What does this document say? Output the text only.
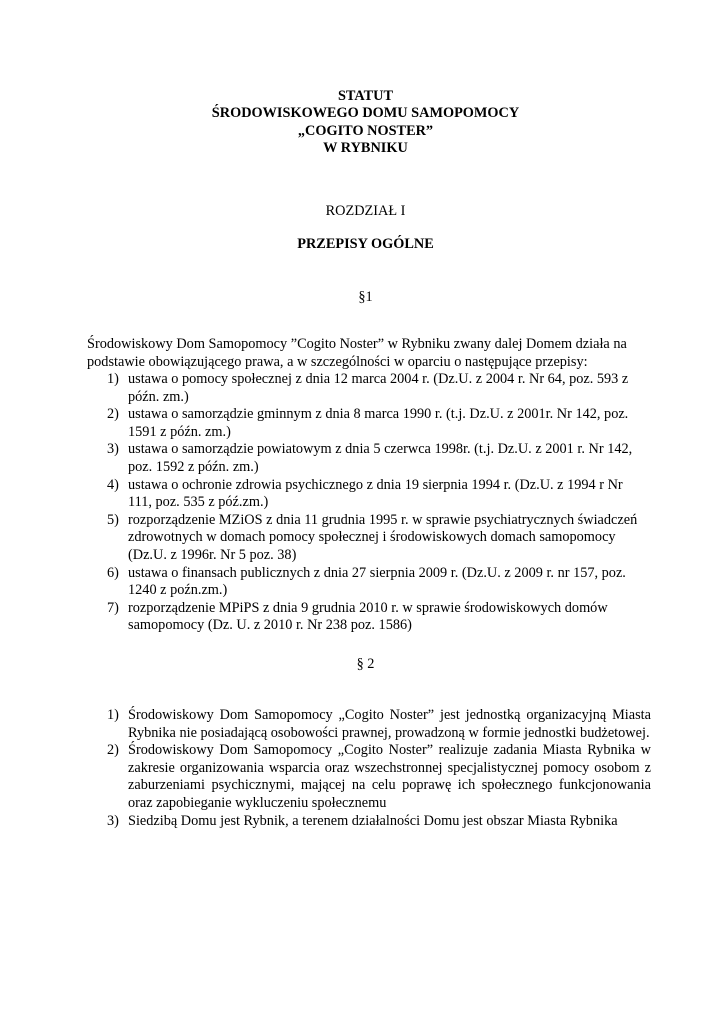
STATUT
ŚRODOWISKOWEGO DOMU SAMOPOMOCY
„COGITO NOSTER”
W RYBNIKU
ROZDZIAŁ I
PRZEPISY OGÓLNE
§1
Środowiskowy Dom Samopomocy ”Cogito Noster” w Rybniku zwany dalej Domem działa na podstawie obowiązującego prawa, a w szczególności w oparciu o następujące przepisy:
1) ustawa o pomocy społecznej z dnia 12 marca 2004 r. (Dz.U. z 2004 r. Nr 64, poz. 593 z późn. zm.)
2) ustawa o samorządzie gminnym z dnia 8 marca 1990 r. (t.j. Dz.U. z 2001r. Nr 142, poz. 1591 z późn. zm.)
3) ustawa o samorządzie powiatowym z dnia 5 czerwca 1998r. (t.j. Dz.U. z 2001 r. Nr 142, poz. 1592 z późn. zm.)
4) ustawa o ochronie zdrowia psychicznego z dnia 19 sierpnia 1994 r. (Dz.U. z 1994 r Nr 111, poz. 535 z póź.zm.)
5) rozporządzenie MZiOS z dnia 11 grudnia 1995 r. w sprawie psychiatrycznych świadczeń zdrowotnych w domach pomocy społecznej i środowiskowych domach samopomocy (Dz.U. z 1996r. Nr 5 poz. 38)
6) ustawa o finansach publicznych z dnia 27 sierpnia 2009 r. (Dz.U. z 2009 r. nr 157, poz. 1240 z poźn.zm.)
7) rozporządzenie MPiPS z dnia 9 grudnia 2010 r. w sprawie środowiskowych domów samopomocy (Dz. U. z 2010 r. Nr 238 poz. 1586)
§ 2
1) Środowiskowy Dom Samopomocy „Cogito Noster” jest jednostką organizacyjną Miasta Rybnika nie posiadającą osobowości prawnej, prowadzoną w formie jednostki budżetowej.
2) Środowiskowy Dom Samopomocy „Cogito Noster” realizuje zadania Miasta Rybnika w zakresie organizowania wsparcia oraz wszechstronnej specjalistycznej pomocy osobom z zaburzeniami psychicznymi, mającej na celu poprawę ich społecznego funkcjonowania oraz zapobieganie wykluczeniu społecznemu
3) Siedzibą Domu jest Rybnik, a terenem działalności Domu jest obszar Miasta Rybnika
